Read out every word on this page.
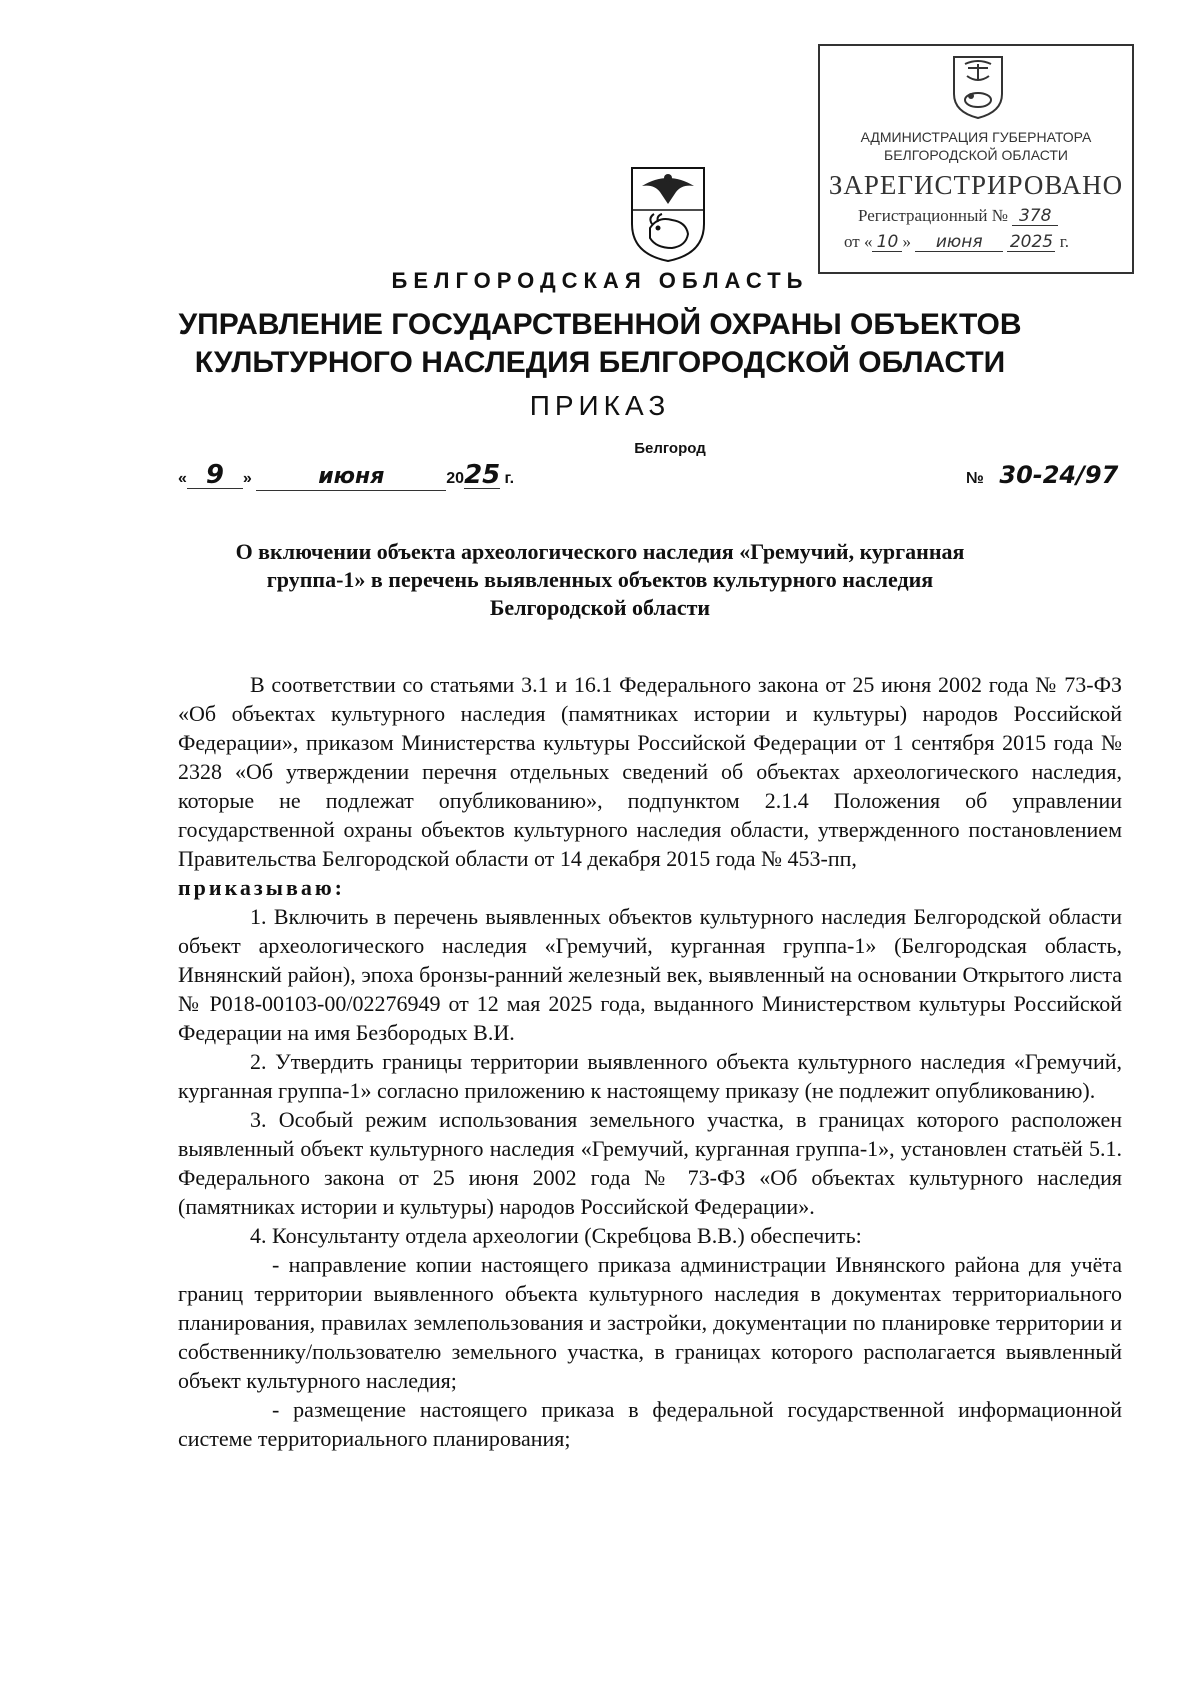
АДМИНИСТРАЦИЯ ГУБЕРНАТОРА
БЕЛГОРОДСКОЙ ОБЛАСТИ
ЗАРЕГИСТРИРОВАНО
Регистрационный № 378
от « 10 » июня 2025 г.
БЕЛГОРОДСКАЯ ОБЛАСТЬ
УПРАВЛЕНИЕ ГОСУДАРСТВЕННОЙ ОХРАНЫ ОБЪЕКТОВ
КУЛЬТУРНОГО НАСЛЕДИЯ БЕЛГОРОДСКОЙ ОБЛАСТИ
ПРИКАЗ
Белгород
« 9 »	июня	2025 г.	№ 30-24/97
О включении объекта археологического наследия «Гремучий, курганная
группа-1» в перечень выявленных объектов культурного наследия
Белгородской области

В соответствии со статьями 3.1 и 16.1 Федерального закона от 25 июня 2002 года № 73-ФЗ «Об объектах культурного наследия (памятниках истории и культуры) народов Российской Федерации», приказом Министерства культуры Российской Федерации от 1 сентября 2015 года № 2328 «Об утверждении перечня отдельных сведений об объектах археологического наследия, которые не подлежат опубликованию», подпунктом 2.1.4 Положения об управлении государственной охраны объектов культурного наследия области, утвержденного постановлением Правительства Белгородской области от 14 декабря 2015 года № 453-пп,

приказываю:

1. Включить в перечень выявленных объектов культурного наследия Белгородской области объект археологического наследия «Гремучий, курганная группа-1» (Белгородская область, Ивнянский район), эпоха бронзы-ранний железный век, выявленный на основании Открытого листа № Р018-00103-00/02276949 от 12 мая 2025 года, выданного Министерством культуры Российской Федерации на имя Безбородых В.И.

2. Утвердить границы территории выявленного объекта культурного наследия «Гремучий, курганная группа-1» согласно приложению к настоящему приказу (не подлежит опубликованию).

3. Особый режим использования земельного участка, в границах которого расположен выявленный объект культурного наследия «Гремучий, курганная группа-1», установлен статьёй 5.1. Федерального закона от 25 июня 2002 года № 73-ФЗ «Об объектах культурного наследия (памятниках истории и культуры) народов Российской Федерации».

4. Консультанту отдела археологии (Скребцова В.В.) обеспечить:

- направление копии настоящего приказа администрации Ивнянского района для учёта границ территории выявленного объекта культурного наследия в документах территориального планирования, правилах землепользования и застройки, документации по планировке территории и собственнику/пользователю земельного участка, в границах которого располагается выявленный объект культурного наследия;

- размещение настоящего приказа в федеральной государственной информационной системе территориального планирования;
